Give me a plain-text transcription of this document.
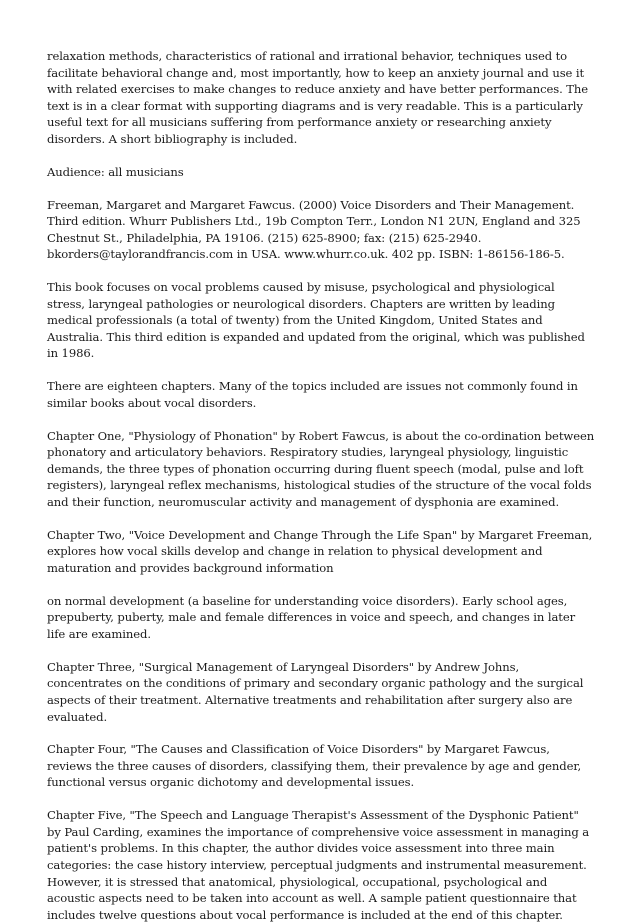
relaxation methods, characteristics of rational and irrational behavior, techniques used to facilitate behavioral change and, most importantly, how to keep an anxiety journal and use it with related exercises to make changes to reduce anxiety and have better performances. The text is in a clear format with supporting diagrams and is very readable. This is a particularly useful text for all musicians suffering from performance anxiety or researching anxiety disorders. A short bibliography is included.

Audience: all musicians

Freeman, Margaret and Margaret Fawcus. (2000) Voice Disorders and Their Management. Third edition. Whurr Publishers Ltd., 19b Compton Terr., London N1 2UN, England and 325 Chestnut St., Philadelphia, PA 19106. (215) 625-8900; fax: (215) 625-2940. bkorders@taylorandfrancis.com in USA. www.whurr.co.uk. 402 pp. ISBN: 1-86156-186-5.

This book focuses on vocal problems caused by misuse, psychological and physiological stress, laryngeal pathologies or neurological disorders. Chapters are written by leading medical professionals (a total of twenty) from the United Kingdom, United States and Australia. This third edition is expanded and updated from the original, which was published in 1986.

There are eighteen chapters. Many of the topics included are issues not commonly found in similar books about vocal disorders.

Chapter One, "Physiology of Phonation" by Robert Fawcus, is about the co-ordination between phonatory and articulatory behaviors. Respiratory studies, laryngeal physiology, linguistic demands, the three types of phonation occurring during fluent speech (modal, pulse and loft registers), laryngeal reflex mechanisms, histological studies of the structure of the vocal folds and their function, neuromuscular activity and management of dysphonia are examined.

Chapter Two, "Voice Development and Change Through the Life Span" by Margaret Freeman, explores how vocal skills develop and change in relation to physical development and maturation and provides background information

on normal development (a baseline for understanding voice disorders). Early school ages, prepuberty, puberty, male and female differences in voice and speech, and changes in later life are examined.

Chapter Three, "Surgical Management of Laryngeal Disorders" by Andrew Johns, concentrates on the conditions of primary and secondary organic pathology and the surgical aspects of their treatment. Alternative treatments and rehabilitation after surgery also are evaluated.

Chapter Four, "The Causes and Classification of Voice Disorders" by Margaret Fawcus, reviews the three causes of disorders, classifying them, their prevalence by age and gender, functional versus organic dichotomy and developmental issues.

Chapter Five, "The Speech and Language Therapist's Assessment of the Dysphonic Patient" by Paul Carding, examines the importance of comprehensive voice assessment in managing a patient's problems. In this chapter, the author divides voice assessment into three main categories: the case history interview, perceptual judgments and instrumental measurement. However, it is stressed that anatomical, physiological, occupational, psychological and acoustic aspects need to be taken into account as well. A sample patient questionnaire that includes twelve questions about vocal performance is included at the end of this chapter.
